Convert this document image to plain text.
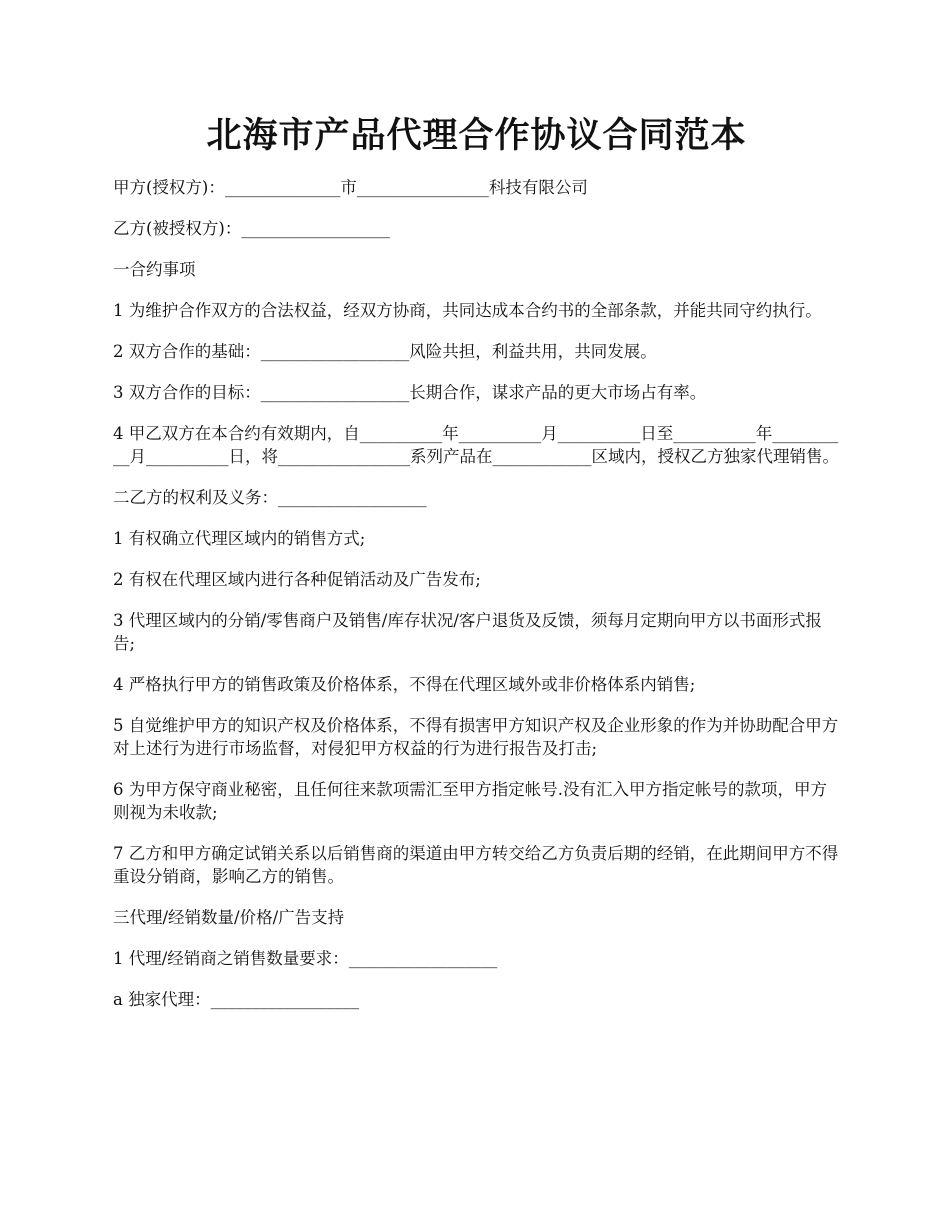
北海市产品代理合作协议合同范本

甲方(授权方)：______________市________________科技有限公司

乙方(被授权方)：__________________

一合约事项

1 为维护合作双方的合法权益，经双方协商，共同达成本合约书的全部条款，并能共同守约执行。

2 双方合作的基础：__________________风险共担，利益共用，共同发展。

3 双方合作的目标：__________________长期合作，谋求产品的更大市场占有率。

4 甲乙双方在本合约有效期内，自__________年__________月__________日至__________年__________月__________日，将________________系列产品在____________区域内，授权乙方独家代理销售。

二乙方的权利及义务：__________________

1 有权确立代理区域内的销售方式;

2 有权在代理区域内进行各种促销活动及广告发布;

3 代理区域内的分销/零售商户及销售/库存状况/客户退货及反馈，须每月定期向甲方以书面形式报告;

4 严格执行甲方的销售政策及价格体系，不得在代理区域外或非价格体系内销售;

5 自觉维护甲方的知识产权及价格体系，不得有损害甲方知识产权及企业形象的作为并协助配合甲方对上述行为进行市场监督，对侵犯甲方权益的行为进行报告及打击;

6 为甲方保守商业秘密，且任何往来款项需汇至甲方指定帐号.没有汇入甲方指定帐号的款项，甲方则视为未收款;

7 乙方和甲方确定试销关系以后销售商的渠道由甲方转交给乙方负责后期的经销，在此期间甲方不得重设分销商，影响乙方的销售。

三代理/经销数量/价格/广告支持

1 代理/经销商之销售数量要求：__________________

a 独家代理：__________________
